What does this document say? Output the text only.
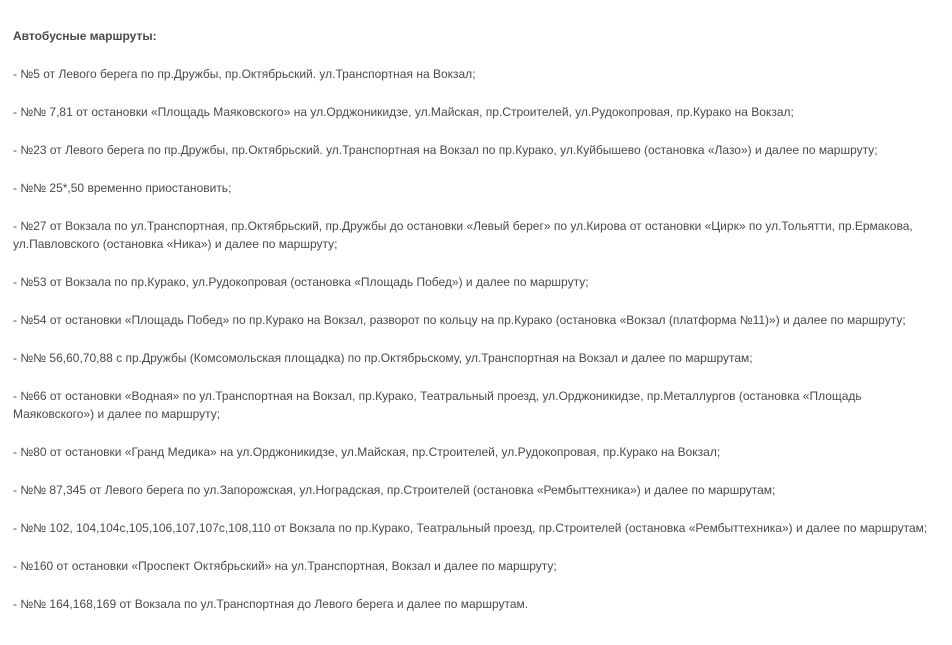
Автобусные маршруты:

- №5 от Левого берега по пр.Дружбы, пр.Октябрьский. ул.Транспортная на Вокзал;

- №№ 7,81 от остановки «Площадь Маяковского» на ул.Орджоникидзе, ул.Майская, пр.Строителей, ул.Рудокопровая, пр.Курако на Вокзал;

- №23 от Левого берега по пр.Дружбы, пр.Октябрьский. ул.Транспортная на Вокзал по пр.Курако, ул.Куйбышево (остановка «Лазо») и далее по маршруту;

- №№ 25*,50 временно приостановить;

- №27 от Вокзала по ул.Транспортная, пр.Октябрьский, пр.Дружбы до остановки «Левый берег» по ул.Кирова от остановки «Цирк» по ул.Тольятти, пр.Ермакова, ул.Павловского (остановка «Ника») и далее по маршруту;

- №53 от Вокзала по пр.Курако, ул.Рудокопровая (остановка «Площадь Побед») и далее по маршруту;

- №54 от остановки «Площадь Побед» по пр.Курако на Вокзал, разворот по кольцу на пр.Курако (остановка «Вокзал (платформа №11)») и далее по маршруту;

- №№ 56,60,70,88 с пр.Дружбы (Комсомольская площадка) по пр.Октябрьскому, ул.Транспортная на Вокзал и далее по маршрутам;

- №66 от остановки «Водная» по ул.Транспортная на Вокзал, пр.Курако, Театральный проезд, ул.Орджоникидзе, пр.Металлургов (остановка «Площадь Маяковского») и далее по маршруту;

- №80 от остановки «Гранд Медика» на ул.Орджоникидзе, ул.Майская, пр.Строителей, ул.Рудокопровая, пр.Курако на Вокзал;

- №№ 87,345 от Левого берега по ул.Запорожская, ул.Ноградская, пр.Строителей (остановка «Рембыттехника») и далее по маршрутам;

- №№ 102, 104,104с,105,106,107,107с,108,110 от Вокзала по пр.Курако, Театральный проезд, пр.Строителей (остановка «Рембыттехника») и далее по маршрутам;

- №160 от остановки «Проспект Октябрьский» на ул.Транспортная, Вокзал и далее по маршруту;

- №№ 164,168,169 от Вокзала по ул.Транспортная до Левого берега и далее по маршрутам.
